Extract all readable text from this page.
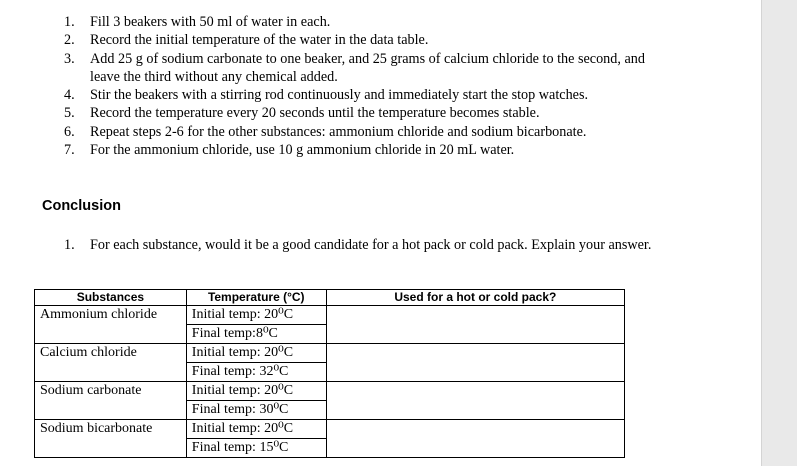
1. Fill 3 beakers with 50 ml of water in each.
2. Record the initial temperature of the water in the data table.
3. Add 25 g of sodium carbonate to one beaker, and 25 grams of calcium chloride to the second, and leave the third without any chemical added.
4. Stir the beakers with a stirring rod continuously and immediately start the stop watches.
5. Record the temperature every 20 seconds until the temperature becomes stable.
6. Repeat steps 2-6 for the other substances: ammonium chloride and sodium bicarbonate.
7. For the ammonium chloride, use 10 g ammonium chloride in 20 mL water.
Conclusion
1.	For each substance, would it be a good candidate for a hot pack or cold pack. Explain your answer.
Substances	Temperature (°C)	Used for a hot or cold pack?
Ammonium chloride	Initial temp: 20⁰C
Final temp:8⁰C	

Calcium chloride	Initial temp: 20⁰C
Final temp: 32⁰C	

Sodium carbonate	Initial temp: 20⁰C
Final temp: 30⁰C	

Sodium bicarbonate	Initial temp: 20⁰C
Final temp: 15⁰C	
